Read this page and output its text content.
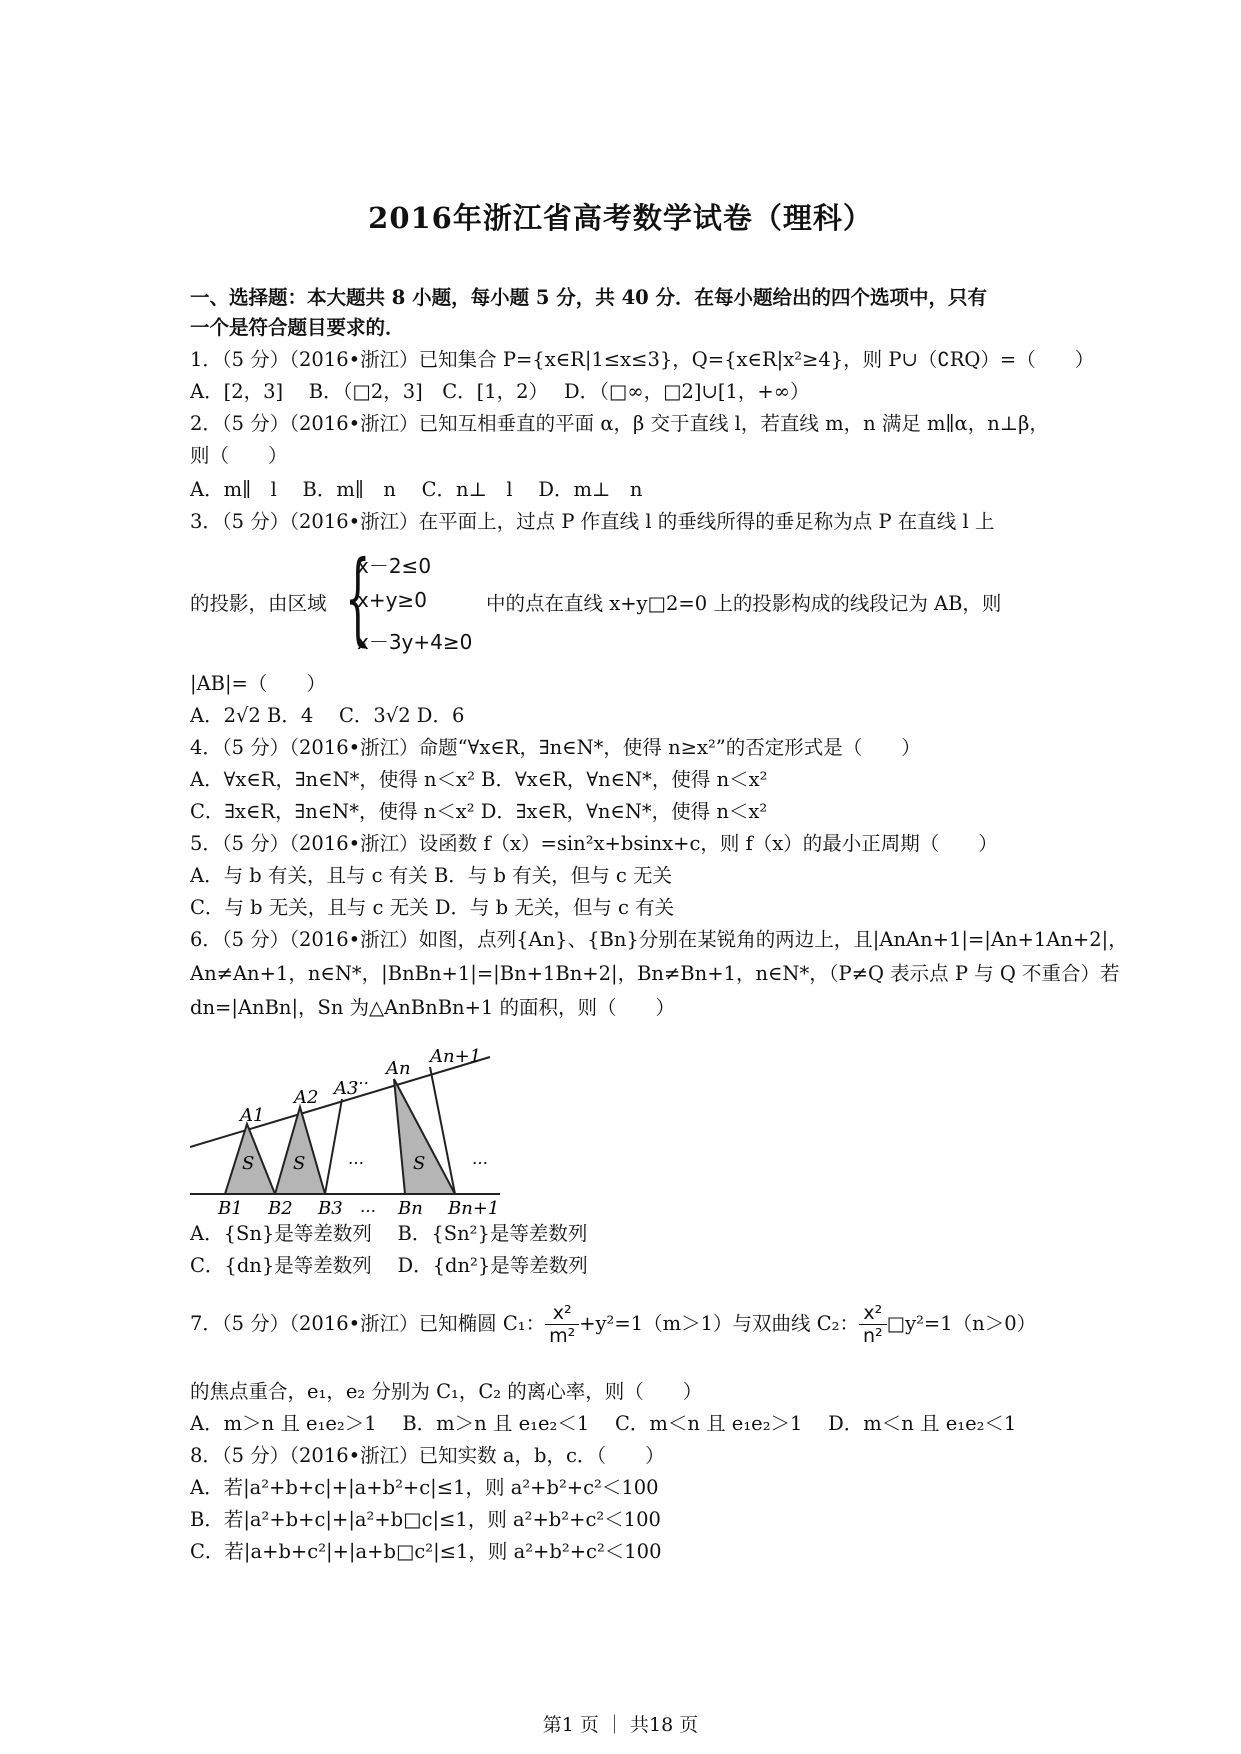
2016年浙江省高考数学试卷（理科）
一、选择题：本大题共 8 小题，每小题 5 分，共 40 分．在每小题给出的四个选项中，只有
一个是符合题目要求的．
1．（5 分）（2016•浙江）已知集合 P={x∈R|1≤x≤3}，Q={x∈R|x²≥4}，则 P∪（∁RQ）=（　　）
A．[2，3]　 B．（□2，3]　C．[1，2）　 D．（□∞，□2]∪[1，+∞）
2．（5 分）（2016•浙江）已知互相垂直的平面 α，β 交于直线 l，若直线 m，n 满足 m∥α，n⊥β，
则（　　）
A．m∥　l　 B．m∥　n　 C．n⊥　l　 D．m⊥　n
3．（5 分）（2016•浙江）在平面上，过点 P 作直线 l 的垂线所得的垂足称为点 P 在直线 l 上
的投影，由区域 {
x－2≤0
x+y≥0
x－3y+4≥0
中的点在直线 x+y□2=0 上的投影构成的线段记为 AB，则
|AB|=（　　）
A．2√2 B．4　 C．3√2 D．6
4．（5 分）（2016•浙江）命题“∀x∈R，∃n∈N*，使得 n≥x²”的否定形式是（　　）
A．∀x∈R，∃n∈N*，使得 n＜x² B．∀x∈R，∀n∈N*，使得 n＜x²
C．∃x∈R，∃n∈N*，使得 n＜x² D．∃x∈R，∀n∈N*，使得 n＜x²
5．（5 分）（2016•浙江）设函数 f（x）=sin²x+bsinx+c，则 f（x）的最小正周期（　　）
A．与 b 有关，且与 c 有关 B．与 b 有关，但与 c 无关
C．与 b 无关，且与 c 无关 D．与 b 无关，但与 c 有关
6．（5 分）（2016•浙江）如图，点列{An}、{Bn}分别在某锐角的两边上，且|AnAn+1|=|An+1An+2|，
An≠An+1，n∈N*，|BnBn+1|=|Bn+1Bn+2|，Bn≠Bn+1，n∈N*，（P≠Q 表示点 P 与 Q 不重合）若
dn=|AnBn|，Sn 为△AnBnBn+1 的面积，则（　　）
A1
A2 A3
… An
An+1
S S	…	S	…
B1 B2 B3 … Bn Bn+1
A．{Sn}是等差数列　 B．{Sn²}是等差数列
C．{dn}是等差数列　 D．{dn²}是等差数列
7．（5 分）（2016•浙江）已知椭圆 C₁： $\frac{\text{x²}}{\text{m²}} +y^2=1(m>1)$与双曲线 C₂： $\frac{\text{x²}}{\text{n²}}$ □y²=1（n＞0）
的焦点重合，e₁，e₂ 分别为 C₁，C₂ 的离心率，则（　　）
A．m＞n 且 e₁e₂＞1　 B．m＞n 且 e₁e₂＜1　 C．m＜n 且 e₁e₂＞1　 D．m＜n 且 e₁e₂＜1
8．（5 分）（2016•浙江）已知实数 a，b，c．（　　）
A．若|a²+b+c|+|a+b²+c|≤1，则 a²+b²+c²＜100
B．若|a²+b+c|+|a²+b□c|≤1，则 a²+b²+c²＜100
C．若|a+b+c²|+|a+b□c²|≤1，则 a²+b²+c²＜100
第1 页 ｜ 共18 页
